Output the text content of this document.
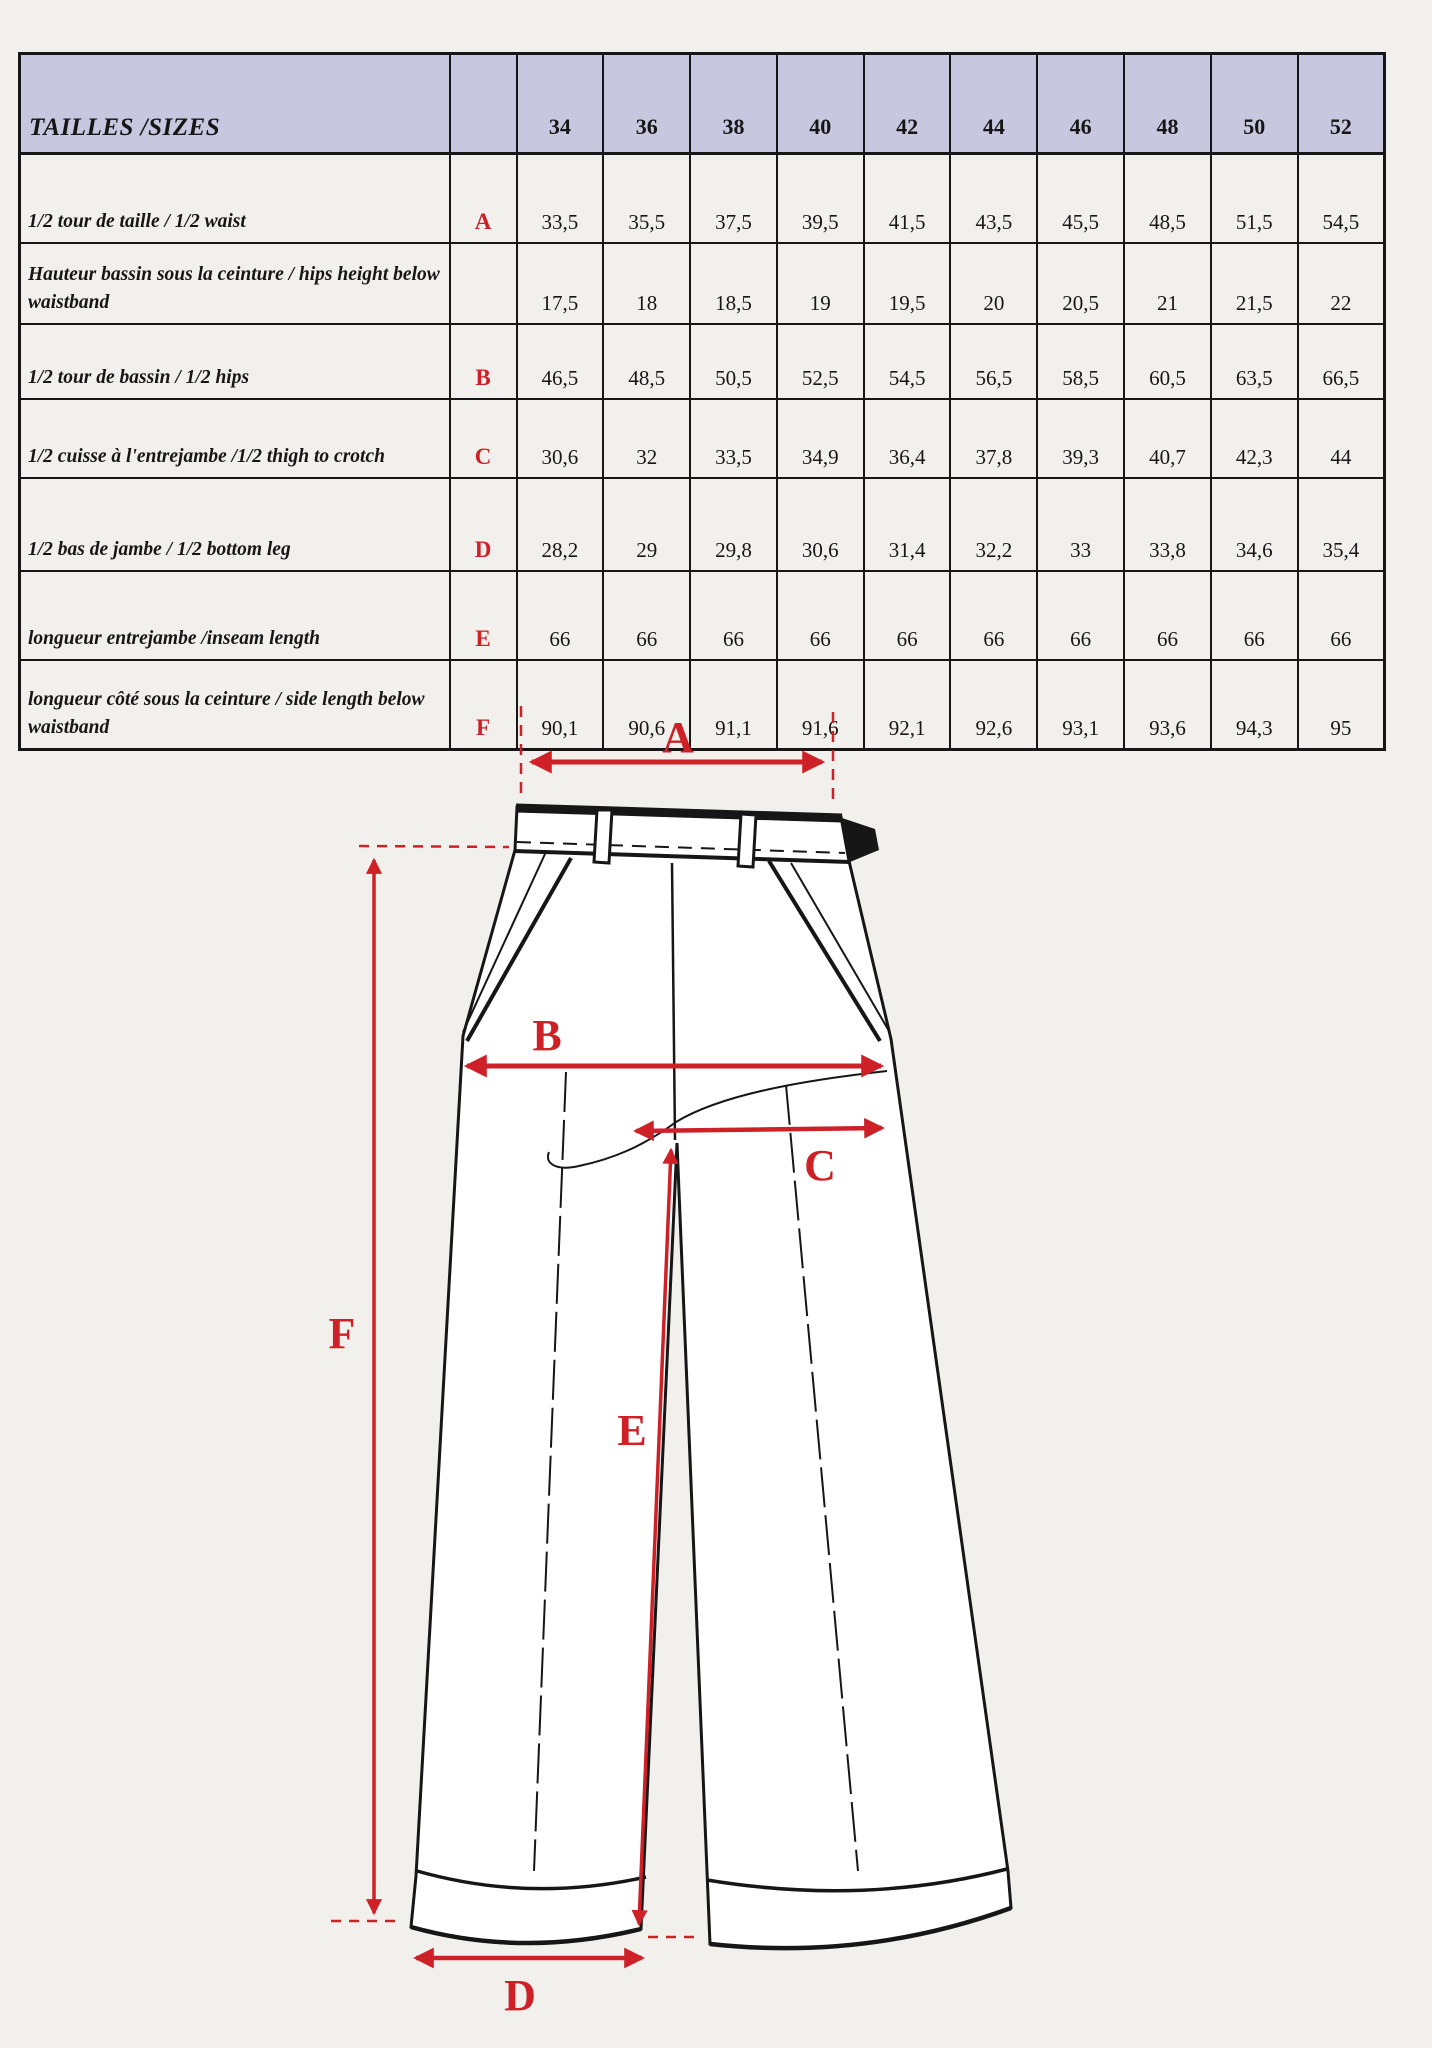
TAILLES /SIZES		34	36	38	40	42	44	46	48	50	52
1/2 tour de taille / 1/2 waist	A	33,5	35,5	37,5	39,5	41,5	43,5	45,5	48,5	51,5	54,5
Hauteur bassin sous la ceinture / hips height below waistband		17,5	18	18,5	19	19,5	20	20,5	21	21,5	22
1/2 tour de bassin / 1/2 hips	B	46,5	48,5	50,5	52,5	54,5	56,5	58,5	60,5	63,5	66,5
1/2 cuisse à l'entrejambe /1/2 thigh to crotch	C	30,6	32	33,5	34,9	36,4	37,8	39,3	40,7	42,3	44
1/2 bas de jambe / 1/2 bottom leg	D	28,2	29	29,8	30,6	31,4	32,2	33	33,8	34,6	35,4
longueur entrejambe /inseam length	E	66	66	66	66	66	66	66	66	66	66
longueur côté sous la ceinture / side length below waistband	F	90,1	90,6	91,1	91,6	92,1	92,6	93,1	93,6	94,3	95
A
B
C
D
E
F
